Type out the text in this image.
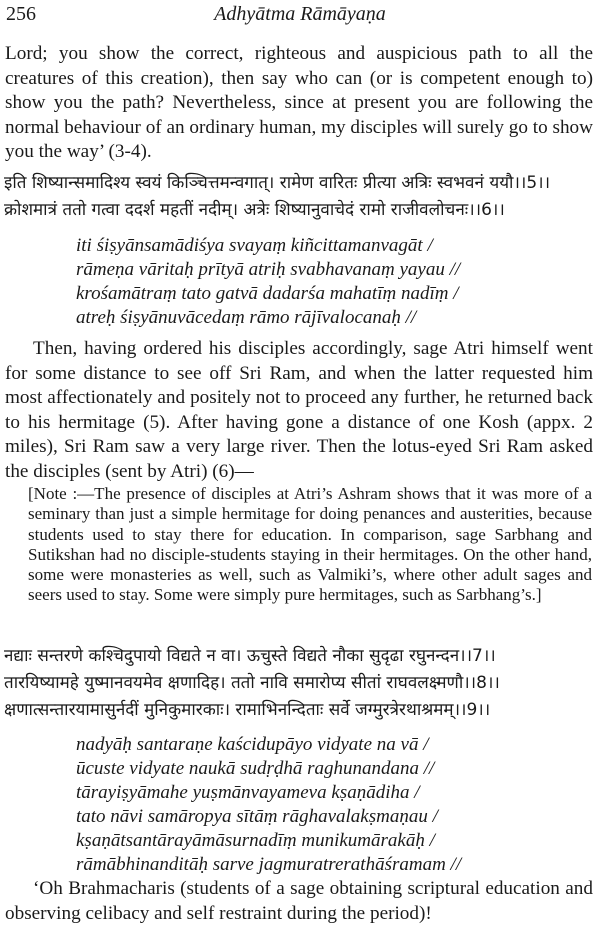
256	Adhyātma Rāmāyaṇa

Lord; you show the correct, righteous and auspicious path to all the creatures of this creation), then say who can (or is competent enough to) show you the path? Nevertheless, since at present you are following the normal behaviour of an ordinary human, my disciples will surely go to show you the way’ (3-4).

इति शिष्यान्समादिश्य स्वयं किञ्चित्तमन्वगात्। रामेण वारितः प्रीत्या अत्रिः स्वभवनं ययौ।।5।।
क्रोशमात्रं ततो गत्वा ददर्श महतीं नदीम्। अत्रेः शिष्यानुवाचेदं रामो राजीवलोचनः।।6।।
iti śiṣyānsamādiśya svayaṃ kiñcittamanvagāt /
rāmeṇa vāritaḥ prītyā atriḥ svabhavanaṃ yayau //
krośamātraṃ tato gatvā dadarśa mahatīṃ nadīṃ /
atreḥ śiṣyānuvācedaṃ rāmo rājīvalocanaḥ //

Then, having ordered his disciples accordingly, sage Atri himself went for some distance to see off Sri Ram, and when the latter requested him most affectionately and positely not to proceed any further, he returned back to his hermitage (5). After having gone a distance of one Kosh (appx. 2 miles), Sri Ram saw a very large river. Then the lotus-eyed Sri Ram asked the disciples (sent by Atri) (6)—

[Note :—The presence of disciples at Atri’s Ashram shows that it was more of a seminary than just a simple hermitage for doing penances and austerities, because students used to stay there for education. In comparison, sage Sarbhang and Sutikshan had no disciple-students staying in their hermitages. On the other hand, some were monasteries as well, such as Valmiki’s, where other adult sages and seers used to stay. Some were simply pure hermitages, such as Sarbhang’s.]

नद्याः सन्तरणे कश्चिदुपायो विद्यते न वा। ऊचुस्ते विद्यते नौका सुदृढा रघुनन्दन।।7।।
तारयिष्यामहे युष्मानवयमेव क्षणादिह। ततो नावि समारोप्य सीतां राघवलक्ष्मणौ।।8।।
क्षणात्सन्तारयामासुर्नदीं मुनिकुमारकाः। रामाभिनन्दिताः सर्वे जग्मुरत्रेरथाश्रमम्।।9।।
nadyāḥ santaraṇe kaścidupāyo vidyate na vā /
ūcuste vidyate naukā sudṛḍhā raghunandana //
tārayiṣyāmahe yuṣmānvayameva kṣaṇādiha /
tato nāvi samāropya sītāṃ rāghavalakṣmaṇau /
kṣaṇātsantārayāmāsurnadīṃ munikumārakāḥ /
rāmābhinanditāḥ sarve jagmuratrerathāśramam //

‘Oh Brahmacharis (students of a sage obtaining scriptural education and observing celibacy and self restraint during the period)!
